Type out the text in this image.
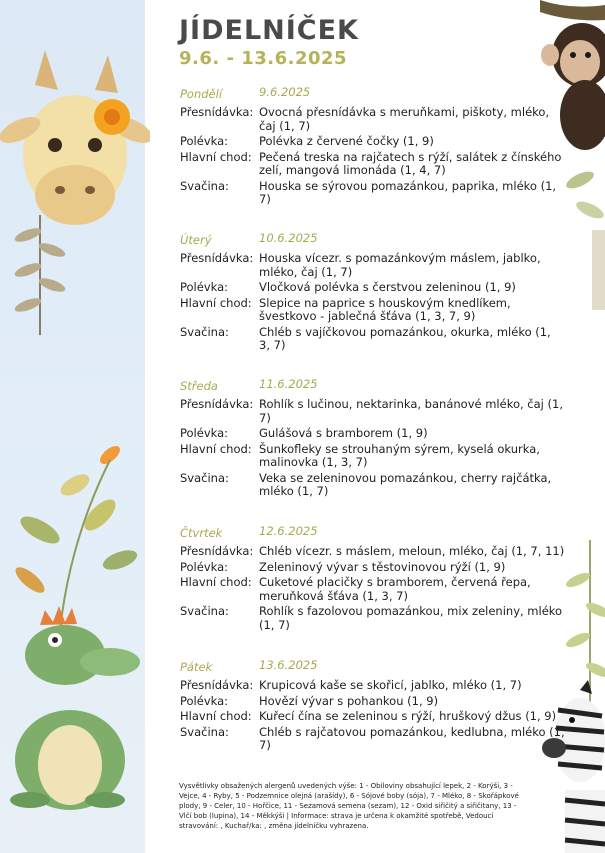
JÍDELNÍČEK
9.6. - 13.6.2025
Pondělí	9.6.2025
Přesnídávka: Ovocná přesnídávka s meruňkami, piškoty, mléko, čaj (1, 7)
Polévka:	Polévka z červené čočky (1, 9)
Hlavní chod: Pečená treska na rajčatech s rýží, salátek z čínského zelí, mangová limonáda (1, 4, 7)
Svačina:	Houska se sýrovou pomazánkou, paprika, mléko (1, 7)
Úterý	10.6.2025
Přesnídávka: Houska vícezr. s pomazánkovým máslem, jablko, mléko, čaj (1, 7)
Polévka:	Vločková polévka s čerstvou zeleninou (1, 9)
Hlavní chod: Slepice na paprice s houskovým knedlíkem, švestkovo - jablečná šťáva (1, 3, 7, 9)
Svačina:	Chléb s vajíčkovou pomazánkou, okurka, mléko (1, 3, 7)
Středa	11.6.2025
Přesnídávka: Rohlík s lučinou, nektarinka, banánové mléko, čaj (1, 7)
Polévka:	Gulášová s bramborem (1, 9)
Hlavní chod: Šunkofleky se strouhaným sýrem, kyselá okurka, malinovka (1, 3, 7)
Svačina:	Veka se zeleninovou pomazánkou, cherry rajčátka, mléko (1, 7)
Čtvrtek	12.6.2025
Přesnídávka: Chléb vícezr. s máslem, meloun, mléko, čaj (1, 7, 11)
Polévka:	Zeleninový vývar s těstovinovou rýží (1, 9)
Hlavní chod: Cuketové placičky s bramborem, červená řepa, meruňková šťáva (1, 3, 7)
Svačina:	Rohlík s fazolovou pomazánkou, mix zeleniny, mléko (1, 7)
Pátek	13.6.2025
Přesnídávka: Krupicová kaše se skořicí, jablko, mléko (1, 7)
Polévka:	Hovězí vývar s pohankou (1, 9)
Hlavní chod: Kuřecí čína se zeleninou s rýží, hruškový džus (1, 9)
Svačina:	Chléb s rajčatovou pomazánkou, kedlubna, mléko (1, 7)
Vysvětlivky obsažených alergenů uvedených výše: 1 - Obiloviny obsahující lepek, 2 - Korýši, 3 - Vejce, 4 - Ryby, 5 - Podzemnice olejná (arašídy), 6 - Sójové boby (sója), 7 - Mléko, 8 - Skořápkové plody, 9 - Celer, 10 - Hořčice, 11 - Sezamová semena (sezam), 12 - Oxid siřičitý a siřičitany, 13 - Vlčí bob (lupina), 14 - Měkkýši | Informace: strava je určena k okamžité spotřebě, Vedoucí stravování: , Kuchař/ka: , změna jídelníčku vyhrazena.
